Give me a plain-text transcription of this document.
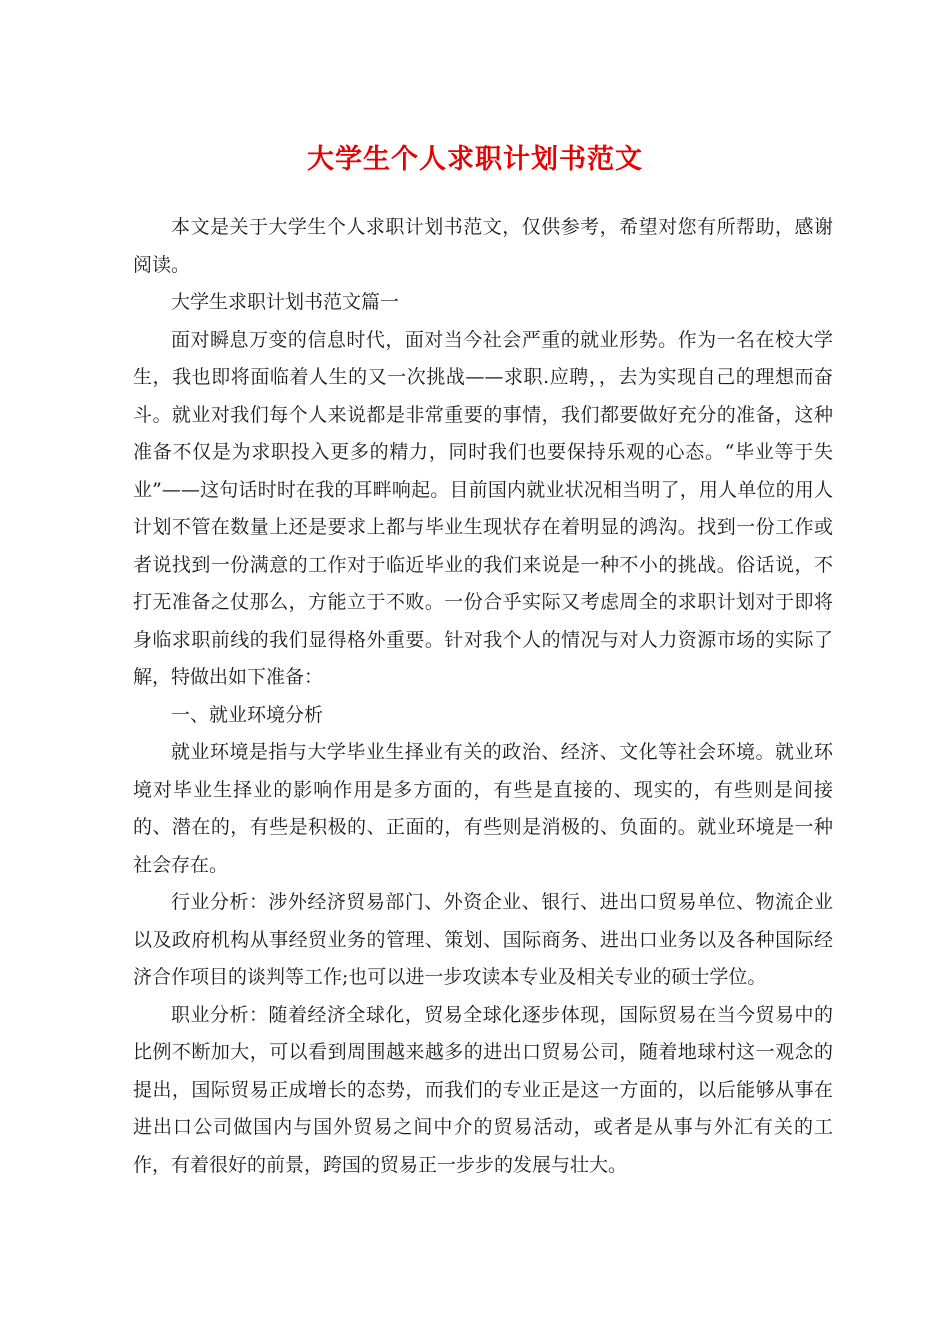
大学生个人求职计划书范文

本文是关于大学生个人求职计划书范文，仅供参考，希望对您有所帮助，感谢阅读。

大学生求职计划书范文篇一

面对瞬息万变的信息时代，面对当今社会严重的就业形势。作为一名在校大学生，我也即将面临着人生的又一次挑战——求职.应聘，，去为实现自己的理想而奋斗。就业对我们每个人来说都是非常重要的事情，我们都要做好充分的准备，这种准备不仅是为求职投入更多的精力，同时我们也要保持乐观的心态。“毕业等于失业”——这句话时时在我的耳畔响起。目前国内就业状况相当明了，用人单位的用人计划不管在数量上还是要求上都与毕业生现状存在着明显的鸿沟。找到一份工作或者说找到一份满意的工作对于临近毕业的我们来说是一种不小的挑战。俗话说，不打无准备之仗那么，方能立于不败。一份合乎实际又考虑周全的求职计划对于即将身临求职前线的我们显得格外重要。针对我个人的情况与对人力资源市场的实际了解，特做出如下准备：

一、就业环境分析

就业环境是指与大学毕业生择业有关的政治、经济、文化等社会环境。就业环境对毕业生择业的影响作用是多方面的，有些是直接的、现实的，有些则是间接的、潜在的，有些是积极的、正面的，有些则是消极的、负面的。就业环境是一种社会存在。

行业分析：涉外经济贸易部门、外资企业、银行、进出口贸易单位、物流企业以及政府机构从事经贸业务的管理、策划、国际商务、进出口业务以及各种国际经济合作项目的谈判等工作;也可以进一步攻读本专业及相关专业的硕士学位。

职业分析：随着经济全球化，贸易全球化逐步体现，国际贸易在当今贸易中的比例不断加大，可以看到周围越来越多的进出口贸易公司，随着地球村这一观念的提出，国际贸易正成增长的态势，而我们的专业正是这一方面的，以后能够从事在进出口公司做国内与国外贸易之间中介的贸易活动，或者是从事与外汇有关的工作，有着很好的前景，跨国的贸易正一步步的发展与壮大。
